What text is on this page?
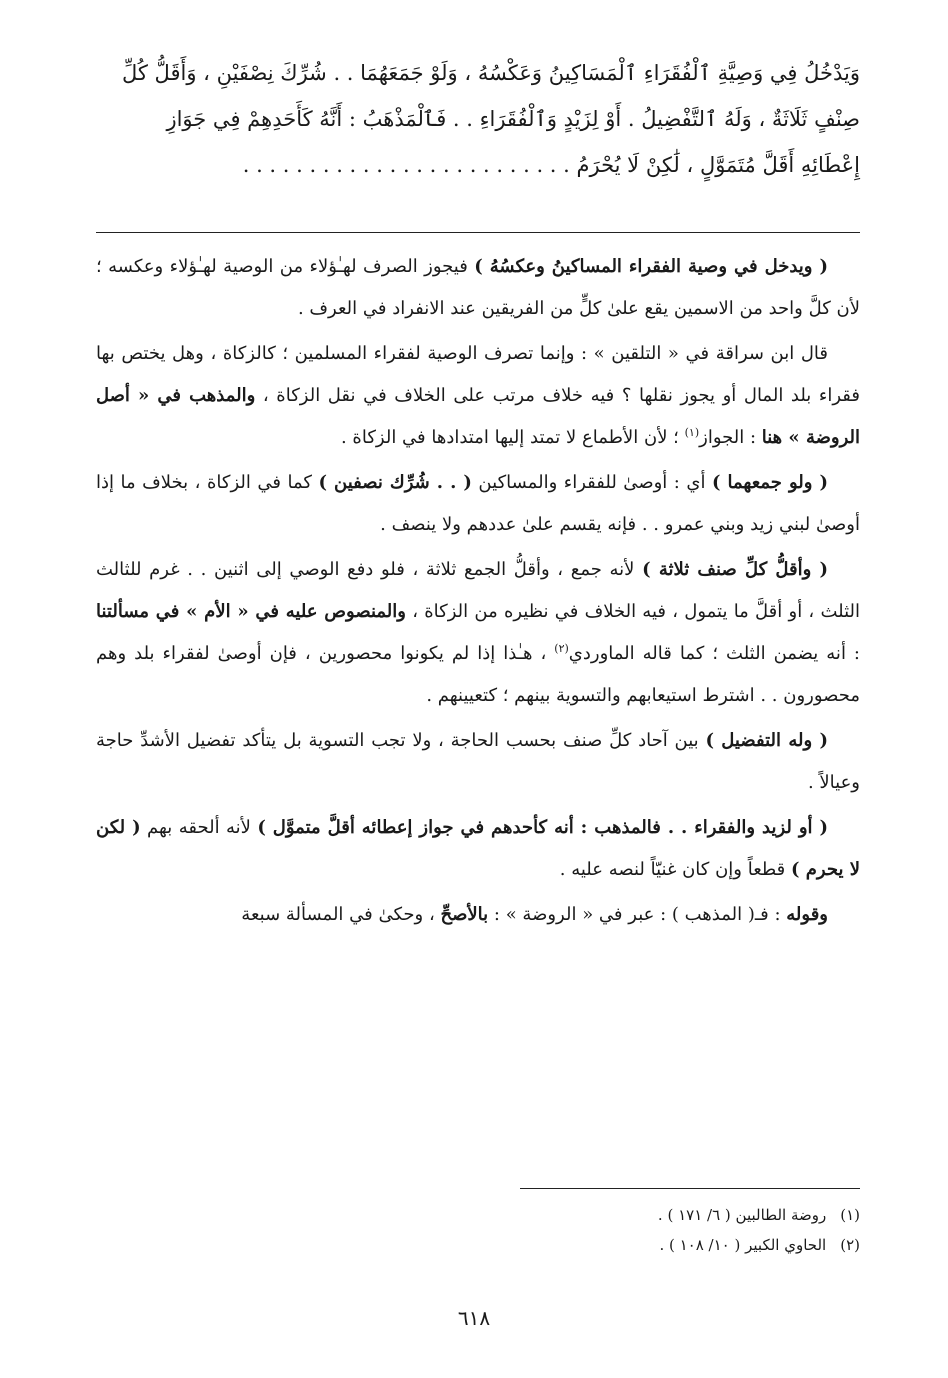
وَيَدْخُلُ فِي وَصِيَّةِ ٱلْفُقَرَاءِ ٱلْمَسَاكِينُ وَعَكْسُهُ ، وَلَوْ جَمَعَهُمَا . . شُرِّكَ نِصْفَيْنِ ، وَأَقَلُّ كُلِّ

صِنْفٍ ثَلَاثَةٌ ، وَلَهُ ٱلتَّفْضِيلُ . أَوْ لِزَيْدٍ وَٱلْفُقَرَاءِ . . فَٱلْمَذْهَبُ : أَنَّهُ كَأَحَدِهِمْ فِي جَوَازِ

إِعْطَائِهِ أَقَلَّ مُتَمَوَّلٍ ، لَٰكِنْ لَا يُحْرَمُ . . . . . . . . . . . . . . . . . . . . . . . . .

( ويدخل في وصية الفقراء المساكينُ وعكسُهُ ) فيجوز الصرف لهـٰؤلاء من الوصية لهـٰؤلاء وعكسه ؛ لأن كلَّ واحد من الاسمين يقع علىٰ كلٍّ من الفريقين عند الانفراد في العرف .

قال ابن سراقة في « التلقين » : وإنما تصرف الوصية لفقراء المسلمين ؛ كالزكاة ، وهل يختص بها فقراء بلد المال أو يجوز نقلها ؟ فيه خلاف مرتب على الخلاف في نقل الزكاة ، والمذهب في « أصل الروضة » هنا : الجواز$^{(١)}$ ؛ لأن الأطماع لا تمتد إليها امتدادها في الزكاة .

( ولو جمعهما ) أي : أوصىٰ للفقراء والمساكين ( . . شُرِّك نصفين ) كما في الزكاة ، بخلاف ما إذا أوصىٰ لبني زيد وبني عمرو . . فإنه يقسم علىٰ عددهم ولا ينصف .

( وأقلُّ كلِّ صنف ثلاثة ) لأنه جمع ، وأقلُّ الجمع ثلاثة ، فلو دفع الوصي إلى اثنين . . غرم للثالث الثلث ، أو أقلَّ ما يتمول ، فيه الخلاف في نظيره من الزكاة ، والمنصوص عليه في « الأم » في مسألتنا : أنه يضمن الثلث ؛ كما قاله الماوردي$^{(٢)}$ ، هـٰذا إذا لم يكونوا محصورين ، فإن أوصىٰ لفقراء بلد وهم محصورون . . اشترط استيعابهم والتسوية بينهم ؛ كتعيينهم .

( وله التفضيل ) بين آحاد كلِّ صنف بحسب الحاجة ، ولا تجب التسوية بل يتأكد تفضيل الأشدِّ حاجة وعيالاً .

( أو لزيد والفقراء . . فالمذهب : أنه كأحدهم في جواز إعطائه أقلَّ متموَّل ) لأنه ألحقه بهم ( لكن لا يحرم ) قطعاً وإن كان غنيّاً لنصه عليه .

وقوله : فـ( المذهب ) : عبر في « الروضة » : بالأصحِّ ، وحكىٰ في المسألة سبعة

(١)روضة الطالبين ( ٦/ ١٧١ ) .
(٢)الحاوي الكبير ( ١٠/ ١٠٨ ) .
٦١٨
